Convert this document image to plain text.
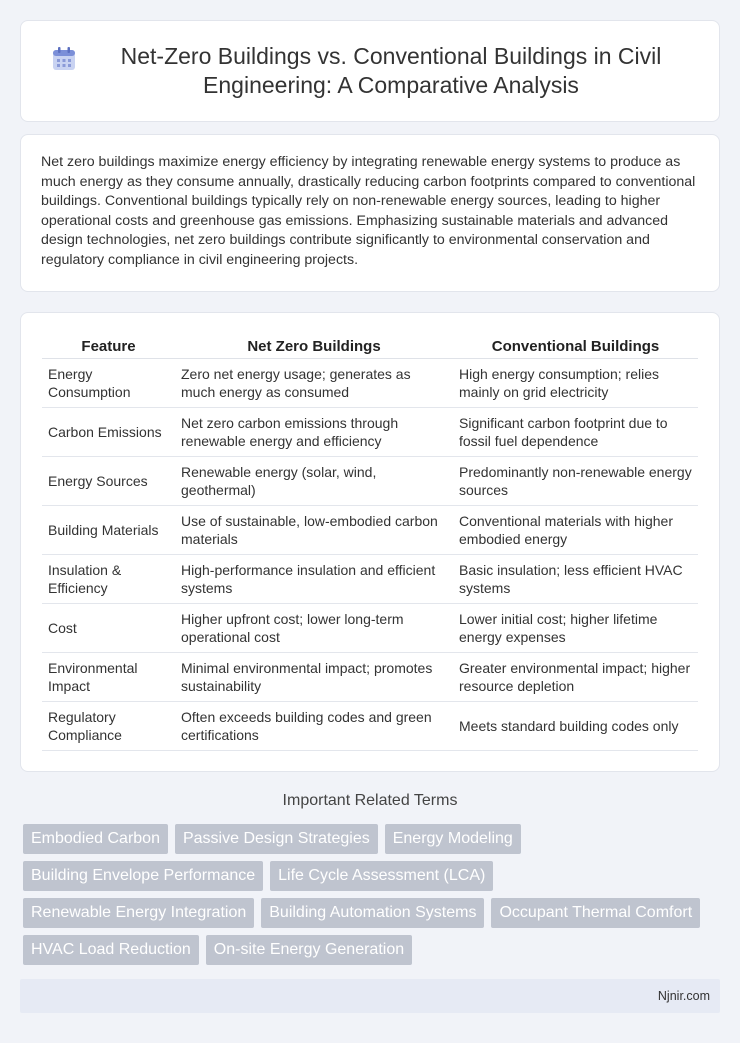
Net-Zero Buildings vs. Conventional Buildings in Civil Engineering: A Comparative Analysis

Net zero buildings maximize energy efficiency by integrating renewable energy systems to produce as much energy as they consume annually, drastically reducing carbon footprints compared to conventional buildings. Conventional buildings typically rely on non-renewable energy sources, leading to higher operational costs and greenhouse gas emissions. Emphasizing sustainable materials and advanced design technologies, net zero buildings contribute significantly to environmental conservation and regulatory compliance in civil engineering projects.

Feature	Net Zero Buildings	Conventional Buildings
Energy Consumption	Zero net energy usage; generates as much energy as consumed	High energy consumption; relies mainly on grid electricity
Carbon Emissions	Net zero carbon emissions through renewable energy and efficiency	Significant carbon footprint due to fossil fuel dependence
Energy Sources	Renewable energy (solar, wind, geothermal)	Predominantly non-renewable energy sources
Building Materials	Use of sustainable, low-embodied carbon materials	Conventional materials with higher embodied energy
Insulation & Efficiency	High-performance insulation and efficient systems	Basic insulation; less efficient HVAC systems
Cost	Higher upfront cost; lower long-term operational cost	Lower initial cost; higher lifetime energy expenses
Environmental Impact	Minimal environmental impact; promotes sustainability	Greater environmental impact; higher resource depletion
Regulatory Compliance	Often exceeds building codes and green certifications	Meets standard building codes only
Important Related Terms
Embodied Carbon	Passive Design Strategies	Energy Modeling
Building Envelope Performance	Life Cycle Assessment (LCA)
Renewable Energy Integration	Building Automation Systems	Occupant Thermal Comfort
HVAC Load Reduction	On-site Energy Generation
Njnir.com
